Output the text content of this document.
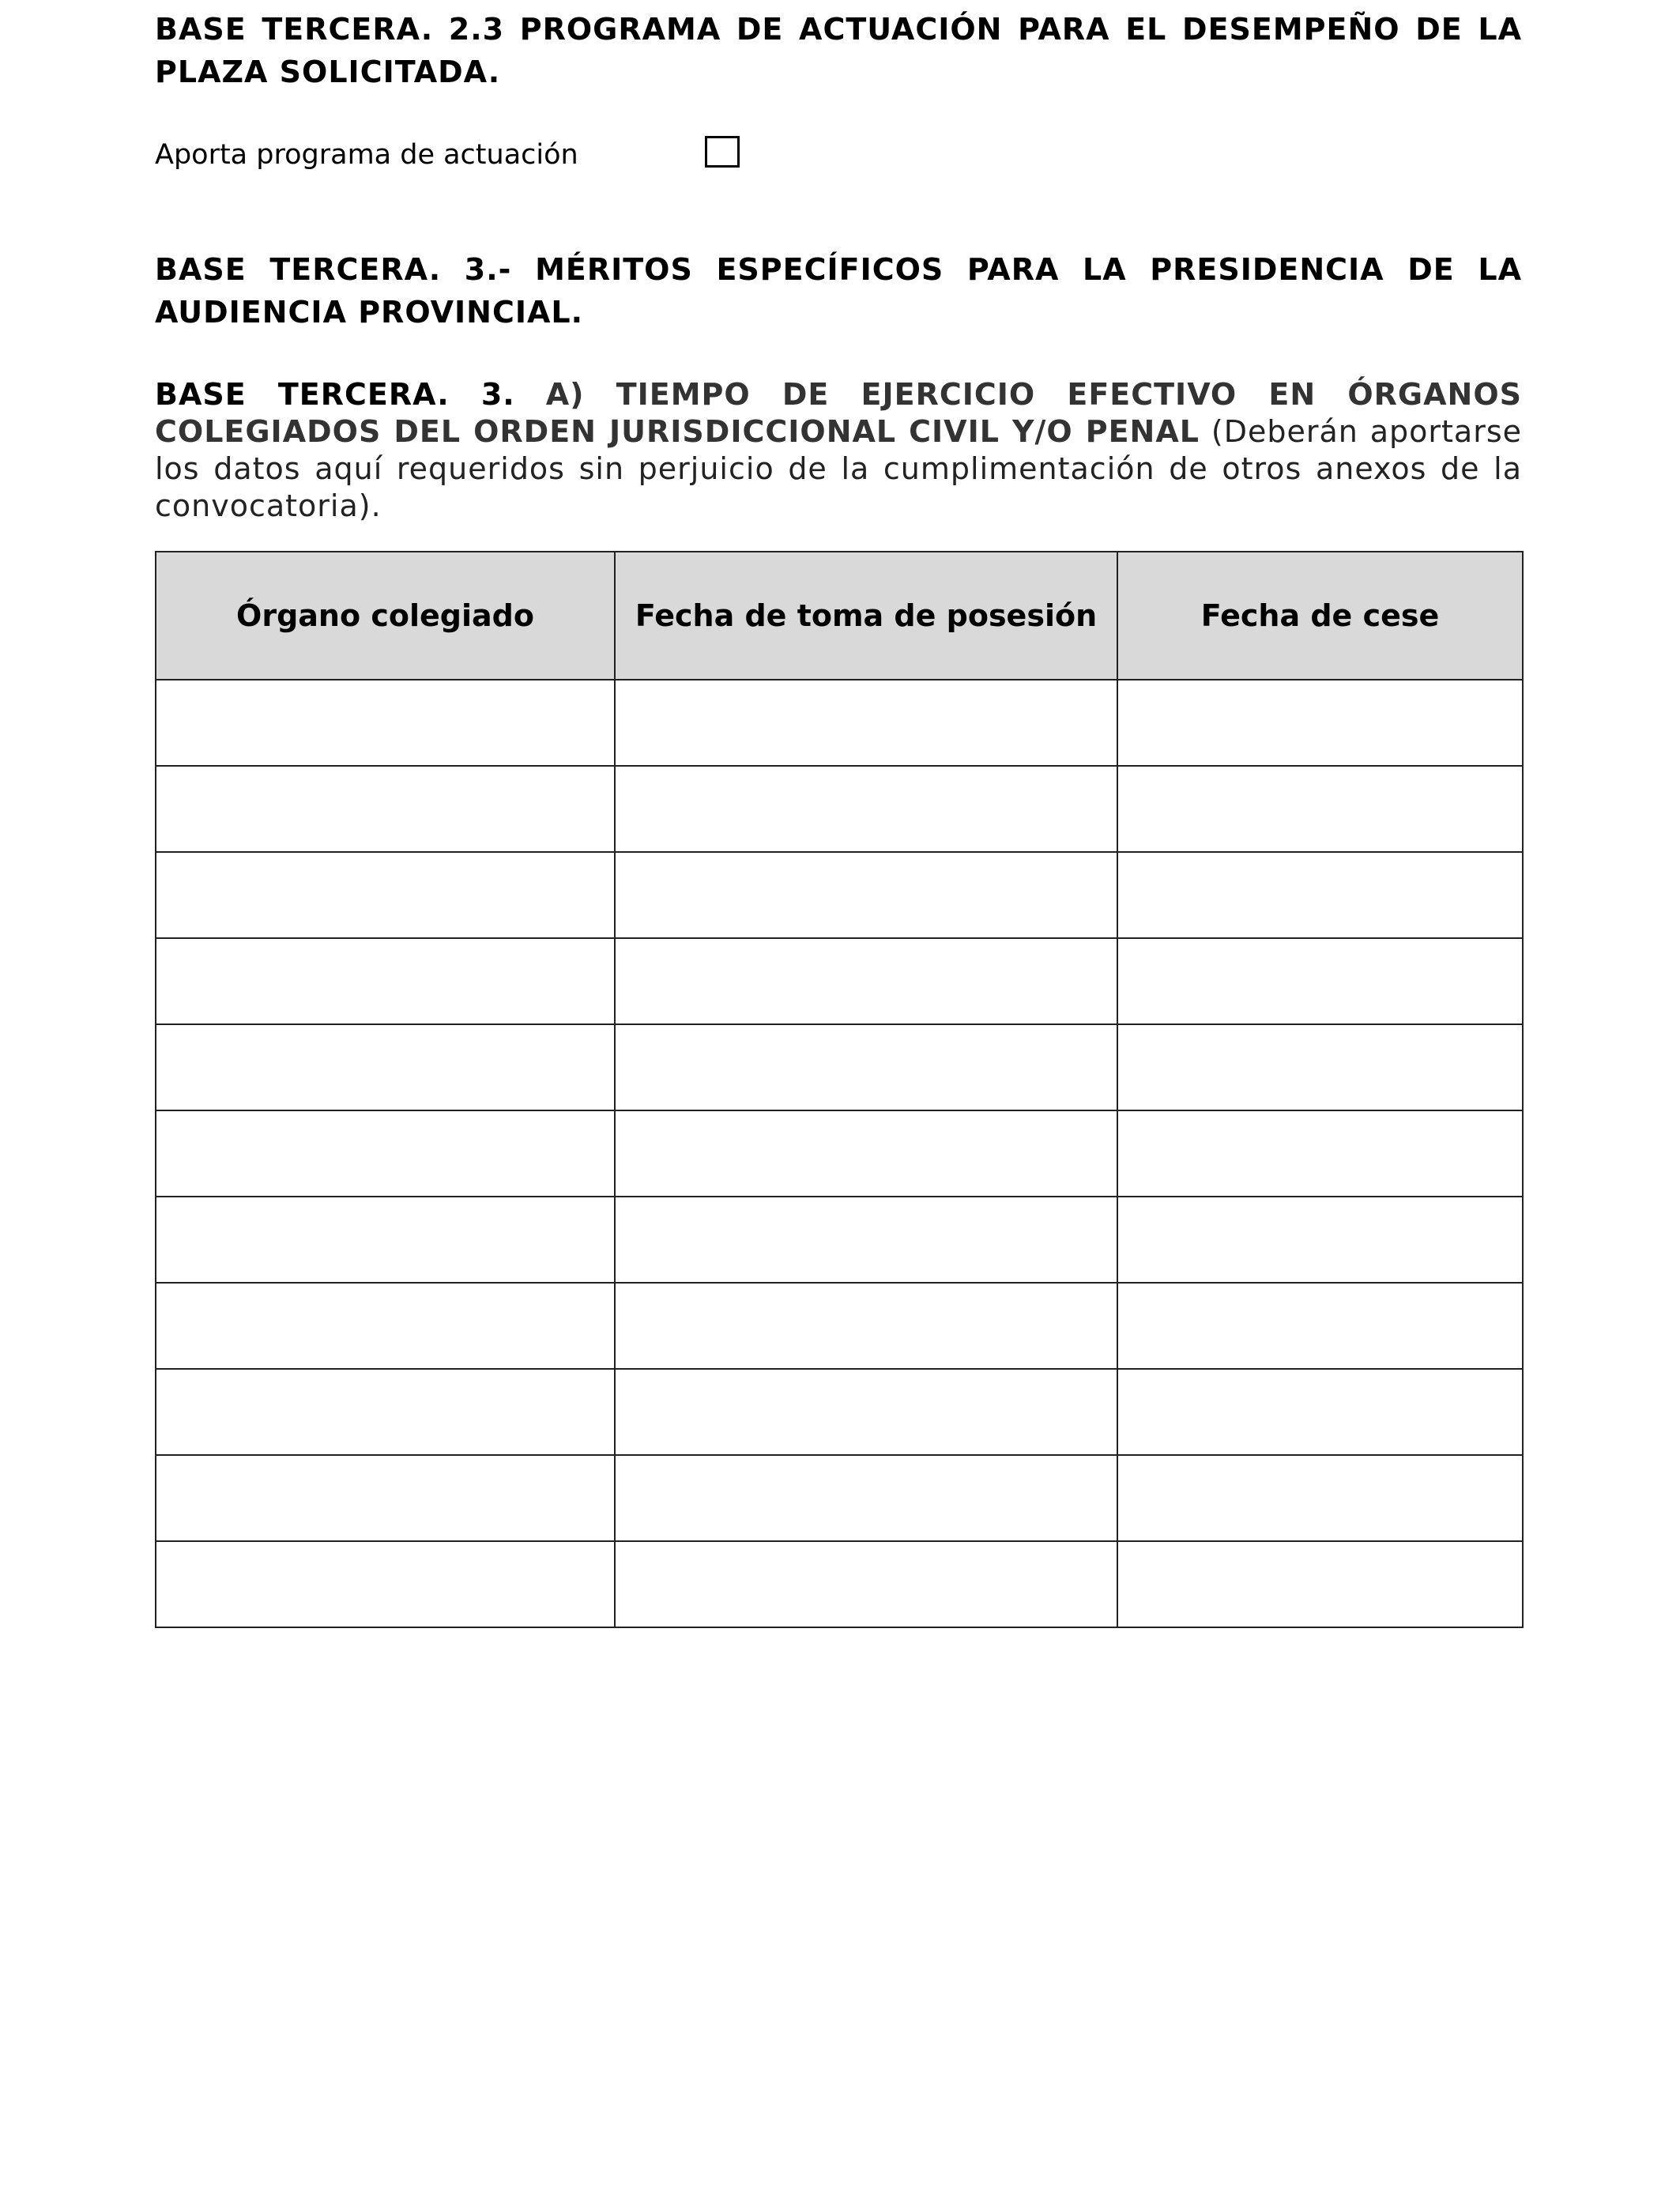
BASE TERCERA. 2.3 PROGRAMA DE ACTUACIÓN PARA EL DESEMPEÑO DE LA PLAZA SOLICITADA.

Aporta programa de actuación

BASE TERCERA. 3.- MÉRITOS ESPECÍFICOS PARA LA PRESIDENCIA DE LA AUDIENCIA PROVINCIAL.

BASE TERCERA. 3. A) TIEMPO DE EJERCICIO EFECTIVO EN ÓRGANOS COLEGIADOS DEL ORDEN JURISDICCIONAL CIVIL Y/O PENAL (Deberán aportarse los datos aquí requeridos sin perjuicio de la cumplimentación de otros anexos de la convocatoria).

Órgano colegiado	Fecha de toma de posesión	Fecha de cese
